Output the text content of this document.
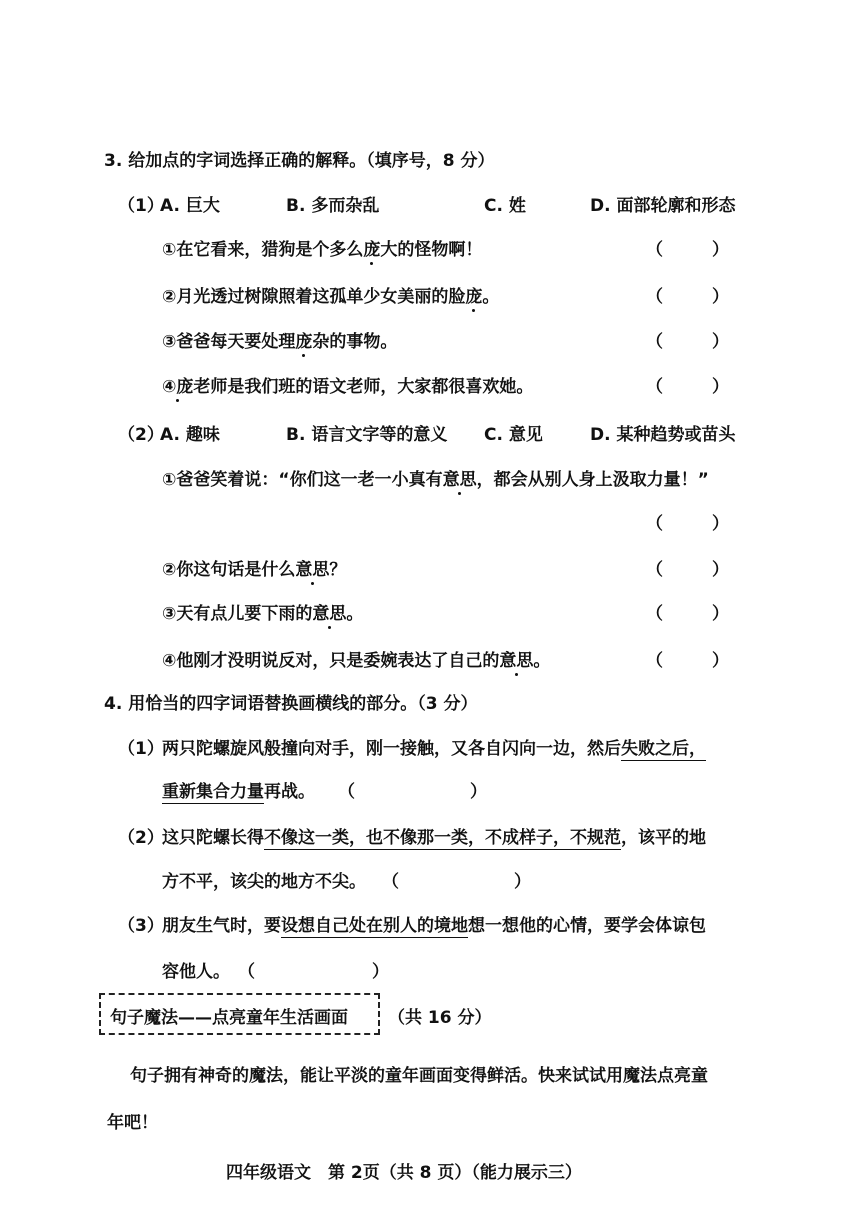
3. 给加点的字词选择正确的解释。（填序号，8 分）
（1）
A. 巨大	B. 多而杂乱	C. 姓	D. 面部轮廓和形态
①在它看来，猎狗是个多么庞大的怪物啊！	（	）
②月光透过树隙照着这孤单少女美丽的脸庞。	（	）
③爸爸每天要处理庞杂的事物。	（	）
④庞老师是我们班的语文老师，大家都很喜欢她。	（	）
（2）
A. 趣味	B. 语言文字等的意义 C. 意见	D. 某种趋势或苗头
①爸爸笑着说：“你们这一老一小真有意思，都会从别人身上汲取力量！”
（	）
②你这句话是什么意思？	（	）
③天有点儿要下雨的意思。	（	）
④他刚才没明说反对，只是委婉表达了自己的意思。	（	）
4. 用恰当的四字词语替换画横线的部分。（3 分）
（1）
两只陀螺旋风般撞向对手，刚一接触，又各自闪向一边，然后失败之后，
重新集合力量再战。 （	）
（2）
这只陀螺长得不像这一类，也不像那一类，不成样子，不规范，该平的地
方不平，该尖的地方不尖。 （	）
（3）
朋友生气时，要设想自己处在别人的境地想一想他的心情，要学会体谅包
容他人。 （	）
句子魔法——点亮童年生活画面 （共 16 分）
句子拥有神奇的魔法，能让平淡的童年画面变得鲜活。快来试试用魔法点亮童
年吧！
四年级语文　第 2页（共 8 页）（能力展示三）
